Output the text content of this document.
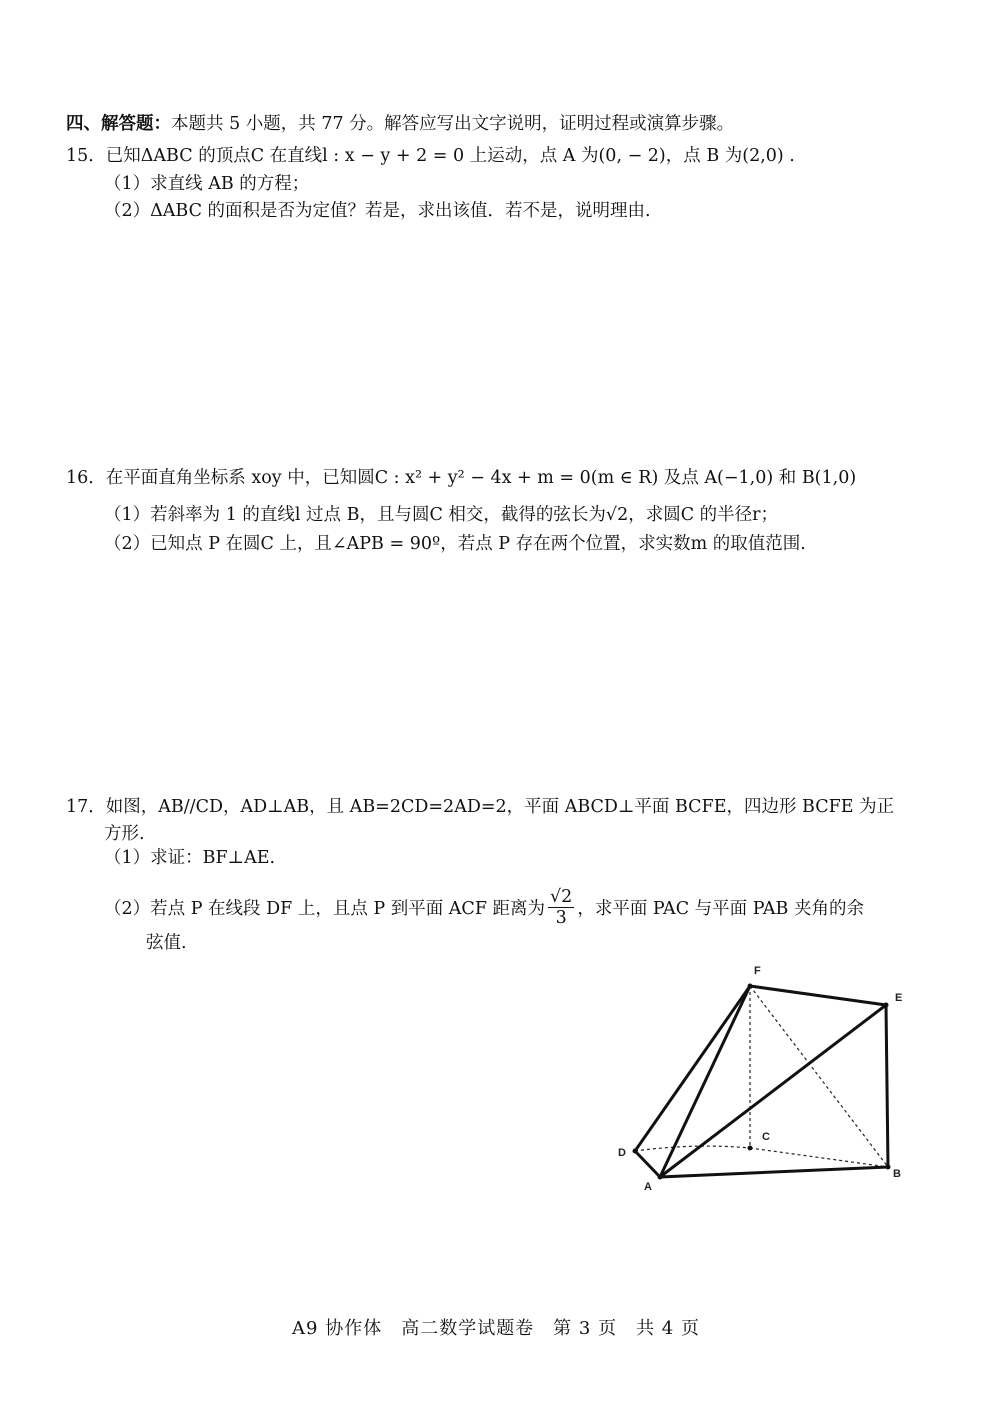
四、解答题：本题共 5 小题，共 77 分。解答应写出文字说明，证明过程或演算步骤。
15．已知ΔABC 的顶点C 在直线l : x − y + 2 = 0 上运动，点 A 为(0, − 2)，点 B 为(2,0) .
（1）求直线 AB 的方程；
（2）ΔABC 的面积是否为定值？若是，求出该值．若不是，说明理由.
16．在平面直角坐标系 xoy 中，已知圆C : x² + y² − 4x + m = 0(m ∈ R) 及点 A(−1,0) 和 B(1,0)
（1）若斜率为 1 的直线l 过点 B，且与圆C 相交，截得的弦长为√2，求圆C 的半径r；
（2）已知点 P 在圆C 上，且∠APB = 90º，若点 P 存在两个位置，求实数m 的取值范围.
17．如图，AB//CD，AD⊥AB，且 AB=2CD=2AD=2，平面 ABCD⊥平面 BCFE，四边形 BCFE 为正
方形.
（1）求证：BF⊥AE.
（2）若点 P 在线段 DF 上，且点 P 到平面 ACF 距离为 $\frac{√2}{3}$ ，求平面 PAC 与平面 PAB 夹角的余
弦值.
F
E
C
D
A
B
A9 协作体　高二数学试题卷　第 3 页　共 4 页
